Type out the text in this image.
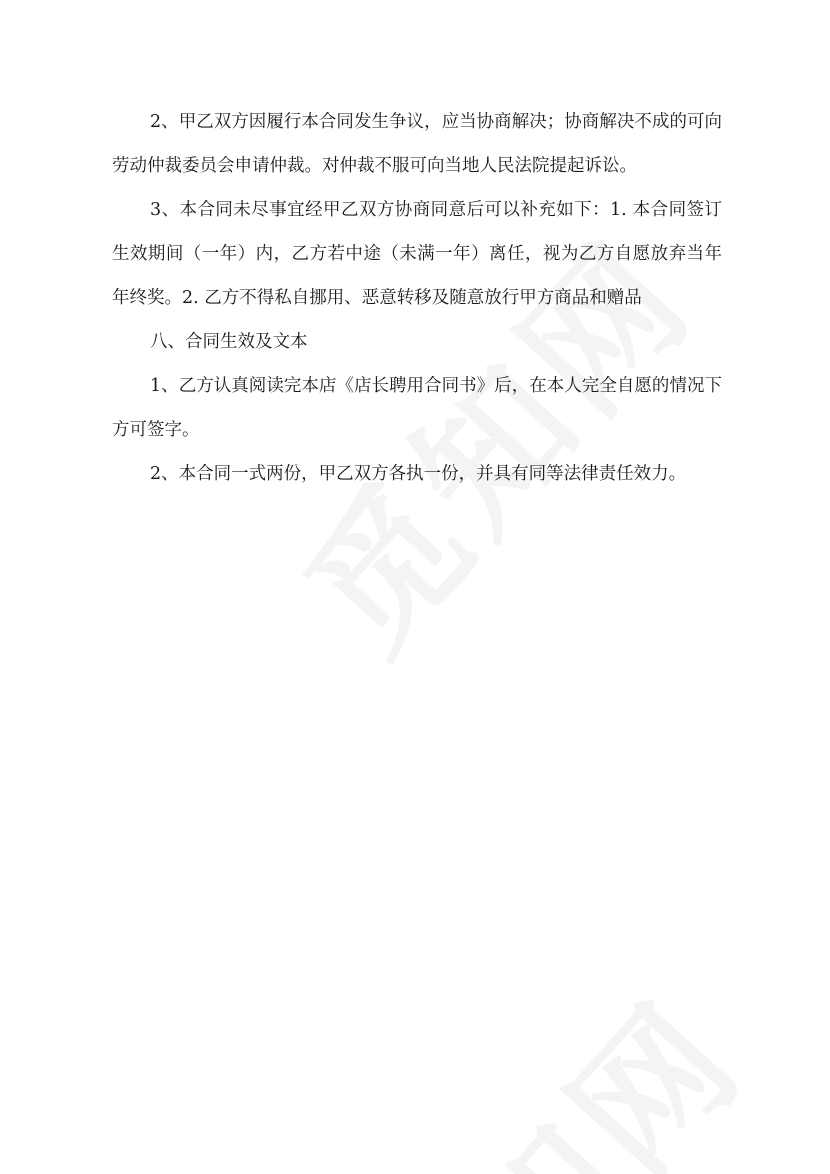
2、甲乙双方因履行本合同发生争议，应当协商解决；协商解决不成的可向劳动仲裁委员会申请仲裁。对仲裁不服可向当地人民法院提起诉讼。

3、本合同未尽事宜经甲乙双方协商同意后可以补充如下：1. 本合同签订生效期间（一年）内，乙方若中途（未满一年）离任，视为乙方自愿放弃当年年终奖。2. 乙方不得私自挪用、恶意转移及随意放行甲方商品和赠品

八、合同生效及文本

1、乙方认真阅读完本店《店长聘用合同书》后，在本人完全自愿的情况下方可签字。

2、本合同一式两份，甲乙双方各执一份，并具有同等法律责任效力。
